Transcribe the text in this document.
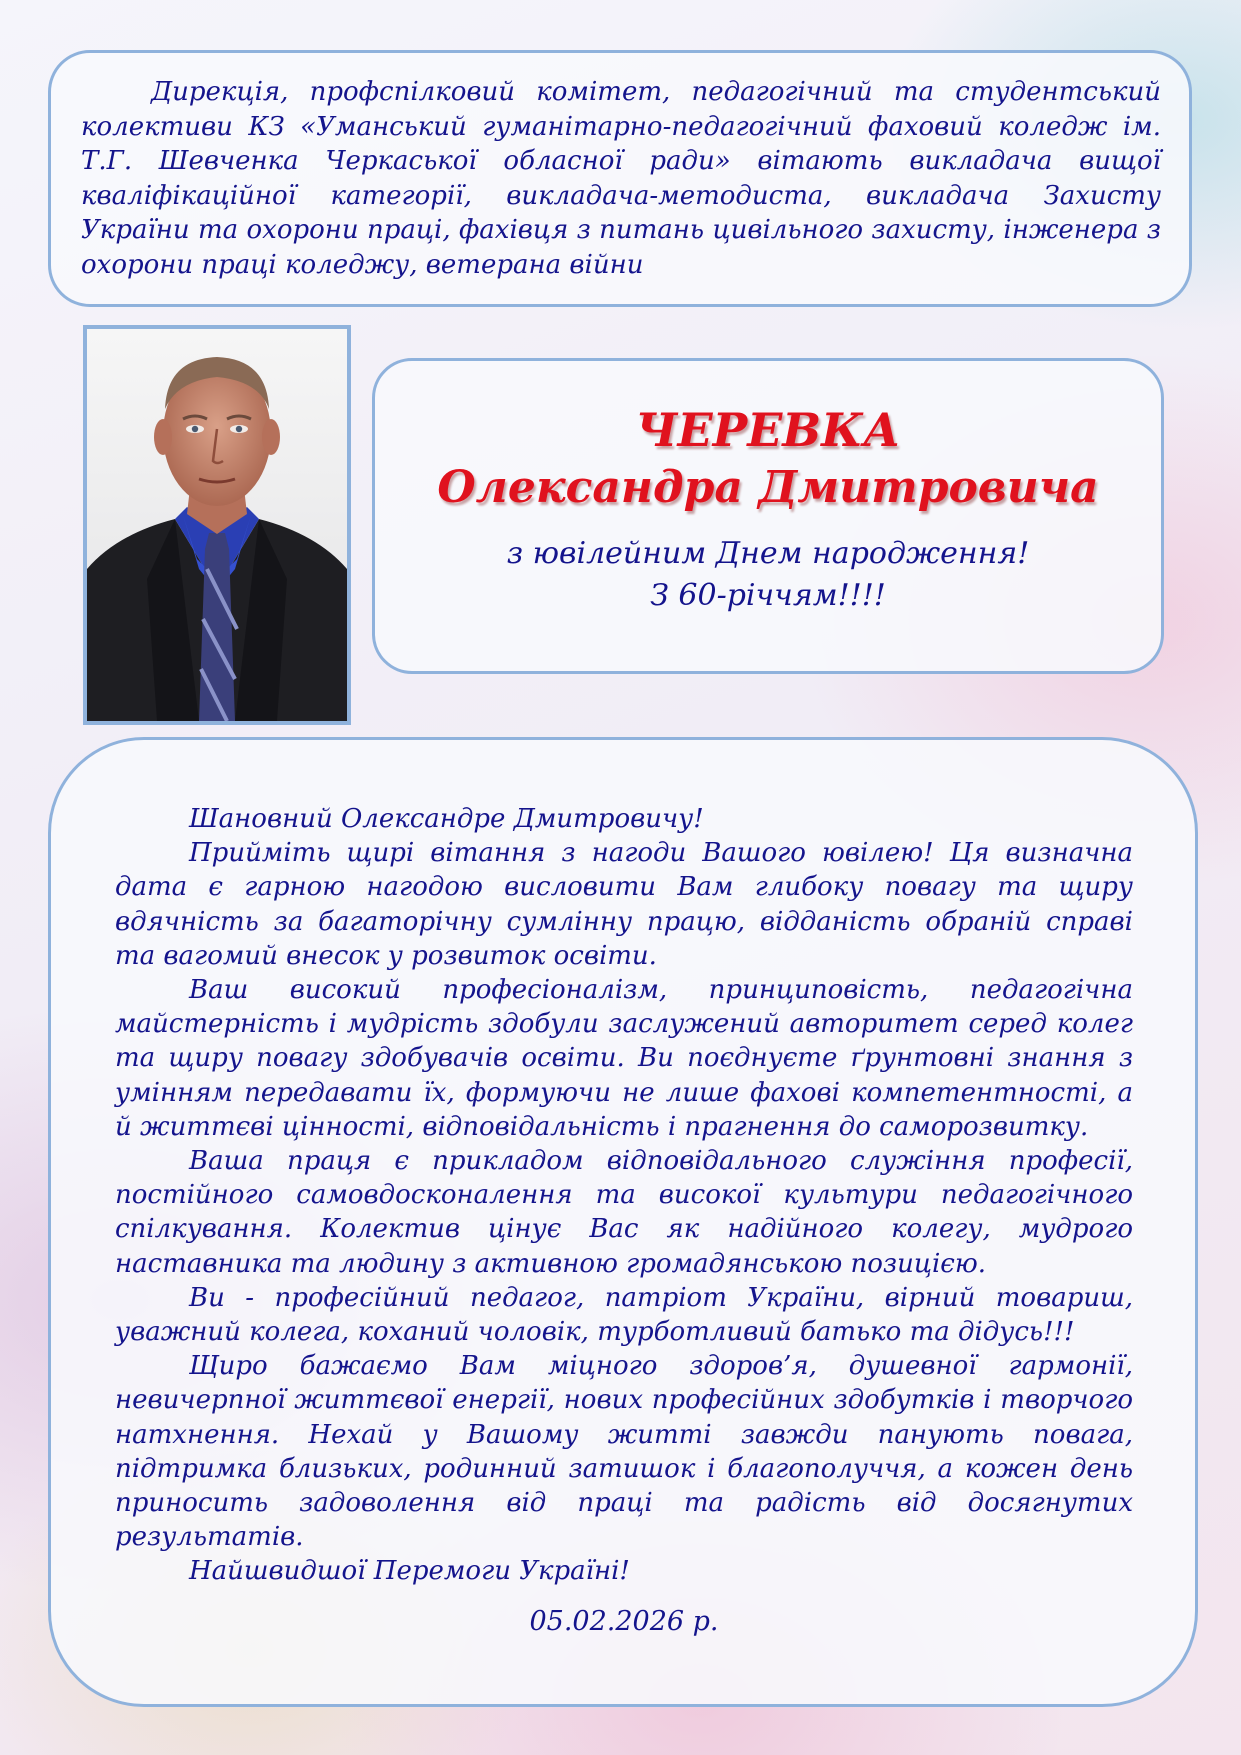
Дирекція, профспілковий комітет, педагогічний та студентський колективи КЗ «Уманський гуманітарно-педагогічний фаховий коледж ім. Т.Г. Шевченка Черкаської обласної ради» вітають викладача вищої кваліфікаційної категорії, викладача-методиста, викладача Захисту України та охорони праці, фахівця з питань цивільного захисту, інженера з охорони праці коледжу, ветерана війни

ЧЕРЕВКА
Олександра Дмитровича
з ювілейним Днем народження!
З 60-річчям!!!!

Шановний Олександре Дмитровичу!

Прийміть щирі вітання з нагоди Вашого ювілею! Ця визначна дата є гарною нагодою висловити Вам глибоку повагу та щиру вдячність за багаторічну сумлінну працю, відданість обраній справі та вагомий внесок у розвиток освіти.

Ваш високий професіоналізм, принциповість, педагогічна майстерність і мудрість здобули заслужений авторитет серед колег та щиру повагу здобувачів освіти. Ви поєднуєте ґрунтовні знання з умінням передавати їх, формуючи не лише фахові компетентності, а й життєві цінності, відповідальність і прагнення до саморозвитку.

Ваша праця є прикладом відповідального служіння професії, постійного самовдосконалення та високої культури педагогічного спілкування. Колектив цінує Вас як надійного колегу, мудрого наставника та людину з активною громадянською позицією.

Ви - професійний педагог, патріот України, вірний товариш, уважний колега, коханий чоловік, турботливий батько та дідусь!!!

Щиро бажаємо Вам міцного здоров’я, душевної гармонії, невичерпної життєвої енергії, нових професійних здобутків і творчого натхнення. Нехай у Вашому житті завжди панують повага, підтримка близьких, родинний затишок і благополуччя, а кожен день приносить задоволення від праці та радість від досягнутих результатів.

Найшвидшої Перемоги Україні!

05.02.2026 р.
